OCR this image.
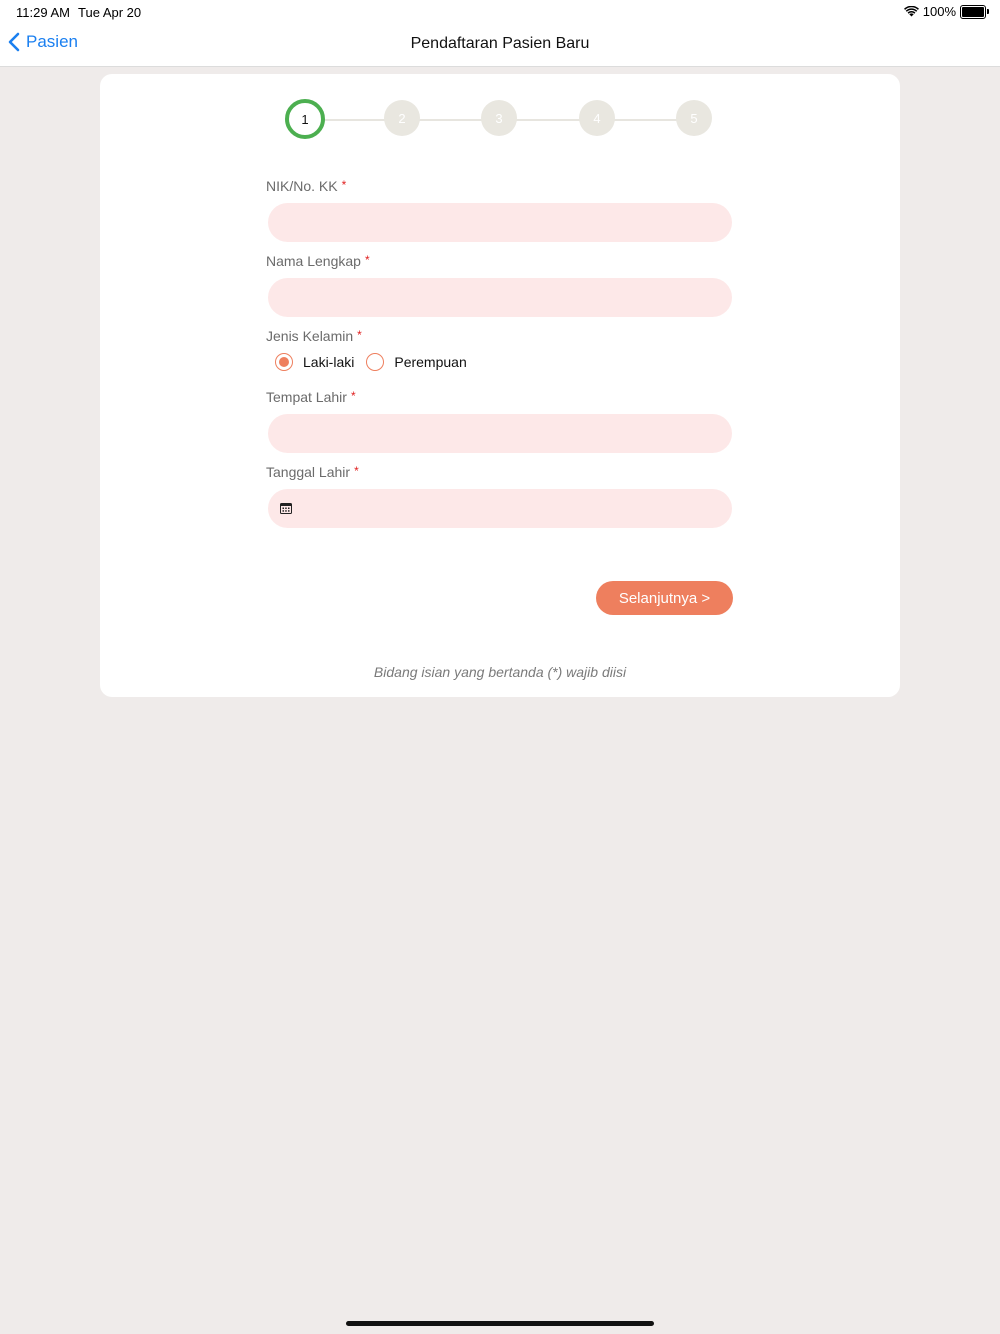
11:29 AM Tue Apr 20	100%
Pasien	Pendaftaran Pasien Baru
1	2	3	4	5
NIK/No. KK *
Nama Lengkap *
Jenis Kelamin *
Laki-laki	Perempuan
Tempat Lahir *
Tanggal Lahir *
Selanjutnya >
Bidang isian yang bertanda (*) wajib diisi
